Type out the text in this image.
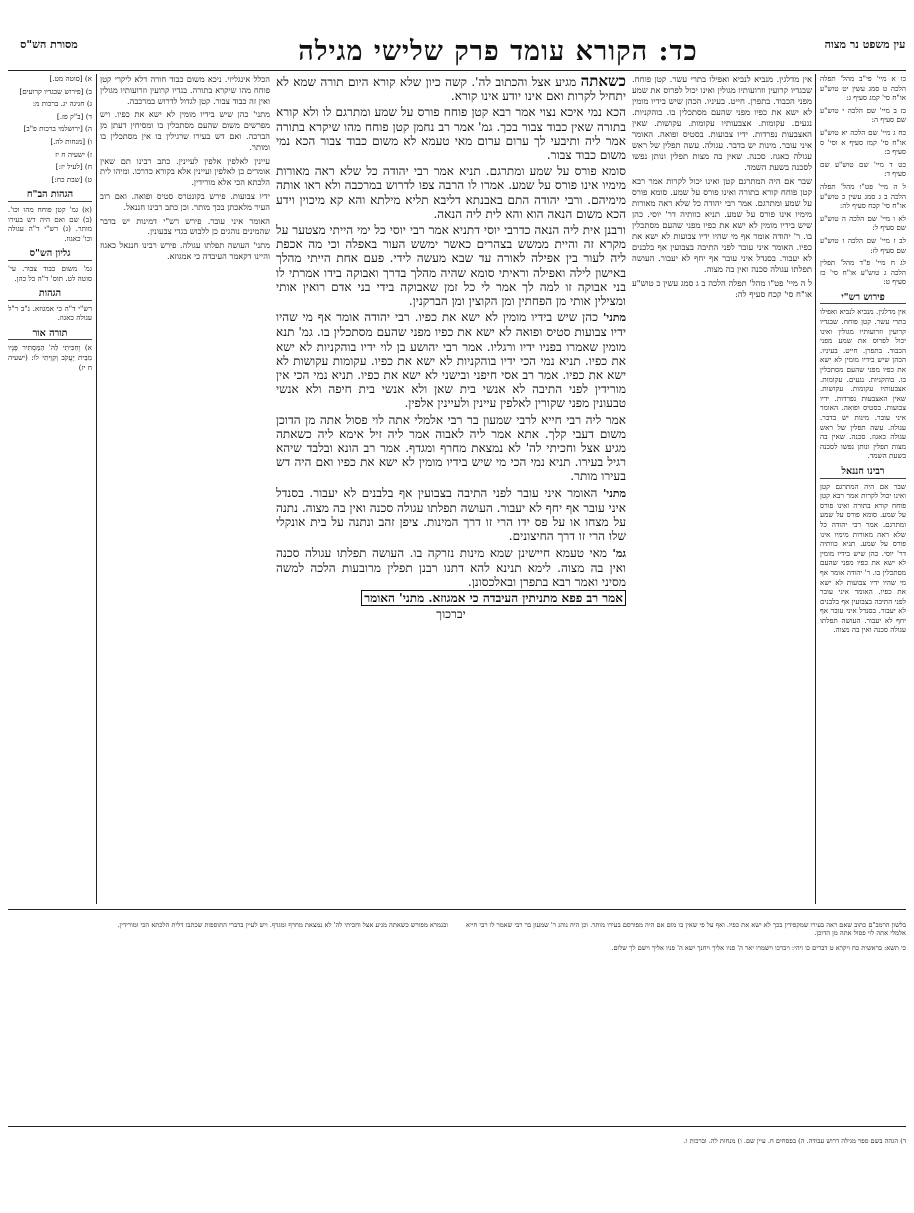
עין משפט נר מצוה
כד: הקורא עומד פרק שלישי מגילה
מסורת הש"ס

כו א מיי' פי"ב מהל' תפלה הלכה ט סמג עשין יט טוש"ע או"ח סי' קמג סעיף ג:

כז ב מיי' שם הלכה י טוש"ע שם סעיף ה:

כח ג מיי' שם הלכה יא טוש"ע או"ח סי' קמז סעיף א וסי' ס סעיף ב:

כט ד מיי' שם טוש"ע שם סעיף ד:

ל ה מיי' פט"ו מהל' תפלה הלכה ב ג סמג עשין כ טוש"ע או"ח סי' קכח סעיף לה:

לא ו מיי' שם הלכה ה טוש"ע שם סעיף ל:

לב ז מיי' שם הלכה ז טוש"ע שם סעיף לז:

לג ח מיי' פ"ד מהל' תפלין הלכה ג טוש"ע או"ח סי' כז סעיף ט:

פירוש רש"י

אין מדלגין. מנביא לנביא ואפילו בתרי עשר. קטן פוחח. שבגדיו קרועין וזרועותיו מגולין ואינו יכול לפרוס את שמע מפני הכבוד. בתפרן. חייט. בעיניו. הכהן שיש בידיו מומין לא ישא את כפיו מפני שהעם מסתכלין בו. בוהקניות. נגעים. עקומות. אצבעותיו עקומות. עקושות. שאין האצבעות נפרדות. ידיו צבועות. בסטיס ופואה. האומר איני עובר. מינות יש בדבר. עגולה. עשה תפלין של ראש עגולה כאגוז. סכנה. שאין בה מצות תפלין ונותן נפשו לסכנה בשעת השמד.

רבינו חננאל

שבר אם היה המתרגם קטן ואינו יכול לקרות אמר רבא קטן פוחח קורא בתורה ואינו פורס על שמע. סומא פורס על שמע ומתרגם. אמר רבי יהודה כל שלא ראה מאורות מימיו אינו פורס על שמע. תניא כוותיה דר' יוסי. כהן שיש בידיו מומין לא ישא את כפיו מפני שהעם מסתכלין בו. ר' יהודה אומר אף מי שהיו ידיו צבועות לא ישא את כפיו. האומר איני עובר לפני התיבה בצבועין אף בלבנים לא יעבור. בסנדל איני עובר אף יחף לא יעבור. העושה תפלתו עגולה סכנה ואין בה מצוה.

אין מדלגין. מנביא לנביא ואפילו בתרי עשר. קטן פוחח. שבגדיו קרועין וזרועותיו מגולין ואינו יכול לפרוס את שמע מפני הכבוד. בתפרן. חייט. בעיניו. הכהן שיש בידיו מומין לא ישא את כפיו מפני שהעם מסתכלין בו. בוהקניות. נגעים. עקומות. אצבעותיו עקומות. עקושות. שאין האצבעות נפרדות. ידיו צבועות. בסטיס ופואה. האומר איני עובר. מינות יש בדבר. עגולה. עשה תפלין של ראש עגולה כאגוז. סכנה. שאין בה מצות תפלין ונותן נפשו לסכנה בשעת השמד.

שבר אם היה המתרגם קטן ואינו יכול לקרות אמר רבא קטן פוחח קורא בתורה ואינו פורס על שמע. סומא פורס על שמע ומתרגם. אמר רבי יהודה כל שלא ראה מאורות מימיו אינו פורס על שמע. תניא כוותיה דר' יוסי. כהן שיש בידיו מומין לא ישא את כפיו מפני שהעם מסתכלין בו. ר' יהודה אומר אף מי שהיו ידיו צבועות לא ישא את כפיו. האומר איני עובר לפני התיבה בצבועין אף בלבנים לא יעבור. בסנדל איני עובר אף יחף לא יעבור. העושה תפלתו עגולה סכנה ואין בה מצוה.

ל ה מיי' פט"ו מהל' תפלה הלכה ב ג סמג עשין כ טוש"ע או"ח סי' קכח סעיף לה:

כשאתה מגיע אצל והכתוב לה'. קשה כיון שלא קורא היום תורה שמא לא יתחיל לקרות ואם אינו יודע אינו קורא.

הכא נמי איכא נצוי אמר רבא קטן פוחח פורס על שמע ומתרגם לו ולא קורא בתורה שאין כבוד צבור בכך. גמ' אמר רב נחמן קטן פוחח מהו שיקרא בתורה אמר ליה ותיבעי לך ערום ערום מאי טעמא לא משום כבוד צבור הכא נמי משום כבוד צבור.

סומא פורס על שמע ומתרגם. תניא אמר רבי יהודה כל שלא ראה מאורות מימיו אינו פורס על שמע. אמרו לו הרבה צפו לדרוש במרכבה ולא ראו אותה מימיהם. ורבי יהודה התם באבנתא דליבא תליא מילתא והא קא מיכוין וידע הכא משום הנאה הוא והא לית ליה הנאה.

ורבנן אית ליה הנאה כדרבי יוסי דתניא אמר רבי יוסי כל ימי הייתי מצטער על מקרא זה והיית ממשש בצהרים כאשר ימשש העור באפלה וכי מה אכפת ליה לעור בין אפילה לאורה עד שבא מעשה לידי. פעם אחת הייתי מהלך באישון לילה ואפילה וראיתי סומא שהיה מהלך בדרך ואבוקה בידו אמרתי לו בני אבוקה זו למה לך אמר לי כל זמן שאבוקה בידי בני אדם רואין אותי ומצילין אותי מן הפחתין ומן הקוצין ומן הברקנין.

מתני' כהן שיש בידיו מומין לא ישא את כפיו. רבי יהודה אומר אף מי שהיו ידיו צבועות סטיס ופואה לא ישא את כפיו מפני שהעם מסתכלין בו. גמ' תנא מומין שאמרו בפניו ידיו ורגליו. אמר רבי יהושע בן לוי ידיו בוהקניות לא ישא את כפיו. תניא נמי הכי ידיו בוהקניות לא ישא את כפיו. עקומות עקושות לא ישא את כפיו. אמר רב אסי חיפני ובישני לא ישא את כפיו. תניא נמי הכי אין מורידין לפני התיבה לא אנשי בית שאן ולא אנשי בית חיפה ולא אנשי טבעונין מפני שקורין לאלפין עיינין ולעיינין אלפין.

אמר ליה רבי חייא לרבי שמעון בר רבי אלמלי אתה לוי פסול אתה מן הדוכן משום דעבי קלך. אתא אמר ליה לאבוה אמר ליה זיל אימא ליה כשאתה מגיע אצל וחכיתי לה' לא נמצאת מחרף ומגדף. אמר רב הונא ובלבד שיהא רגיל בעירו. תניא נמי הכי מי שיש בידיו מומין לא ישא את כפיו ואם היה דש בעירו מותר.

מתני' האומר איני עובר לפני התיבה בצבועין אף בלבנים לא יעבור. בסנדל איני עובר אף יחף לא יעבור. העושה תפלתו עגולה סכנה ואין בה מצוה. נתנה על מצחו או על פס ידו הרי זו דרך המינות. ציפן זהב ונתנה על בית אונקלי שלו הרי זו דרך החיצונים.

גמ' מאי טעמא חיישינן שמא מינות נזרקה בו. העושה תפלתו עגולה סכנה ואין בה מצוה. לימא תנינא להא דתנו רבנן תפלין מרובעות הלכה למשה מסיני ואמר רבא בתפרן ובאלכסונן.

אמר רב פפא מתניתין העיבדה כי אמגוזא. מתני' האומר

יברכוך

הכלל אינגליזי. ניכא משום כבוד חורה דלא ליקרי קטן פוחח מהו שיקרא בתורה. בגדיו קרועין וזרועותיו מגולין ואין זה כבוד צבור. קטן לגדול לדרוש במרכבה.

מתני' כהן שיש בידיו מומין לא ישא את כפיו. ויש מפרשים משום שהעם מסתכלין בו ומסיחין דעתן מן הברכה. ואם דש בעירו שרגילין בו אין מסתכלין בו ומותר.

עיינין לאלפין אלפין לעיינין. כתב רבינו תם שאין אומרים כן לאלפין ועיינין אלא בקורא כדרכו. ומיהו לית הלכתא הכי אלא מורידין.

ידיו צבועות. פירש בקונטרס סטיס ופואה. ואם רוב העיר מלאכתן בכך מותר. וכן כתב רבינו חננאל.

האומר איני עובר. פירש רש"י דמינות יש בדבר שהמינים נוהגים כן ללבוש בגדי צבעונין.

מתני' העושה תפלתו עגולה. פירש רבינו חננאל כאגוז והיינו דקאמר העיבדה כי אמגוזא.

א) [סוטה מט.]

ב) [פירוש שבגדיו קרועים]

ג) חגיגה יג. ברכות מ:

ד) [ב"ק פז.]

ה) [ירושלמי ברכות פ"ב]

ו) [מנחות לה.]

ז) ישעיה ח יז

ח) [לעיל יז:]

ט) [שבת כח:]

הגהות הב"ח

(א) גמ' קטן פוחח מהו וכו'. (ב) שם ואם היה דש בעירו מותר. (ג) רש"י ד"ה עגולה וכו' כאגוז.

גליון הש"ס

גמ' משום כבוד צבור. עי' סוטה לט. תוס' ד"ה כל כהן.

הגהות

רש"י ד"ה כי אמגוזא. נ"ב ר"ל עגולה כאגוז.

תורה אור

א) וְחִכִּיתִי לַה' הַמַּסְתִּיר פָּנָיו מִבֵּית יַעֲקֹב וְקִוֵּיתִי לוֹ: (ישעיה ח יז)

בלשון הרמב"ם כתוב שאם ראה בעירו שמקפידין בכך לא ישא את כפיו. ואף על פי שאין בו מום אם היה מפורסם בעירו מותר. וכן היה נוהג ר' שמעון בר רבי שאמר לו רבי חייא אלמלי אתה לוי פסול אתה מן הדוכן.

כי תשא: בראשית כח ויקרא ט דברים כו ויהי: ויברכו וישמרו יאר ה' פניו אליך ויחנך ישא ה' פניו אליך וישם לך שלום.

ובגמרא מפורש כשאתה מגיע אצל וחכיתי לה' לא נמצאת מחרף ומגדף. ויש לעיין בדברי התוספות שכתבו דלית הלכתא הכי ומורידין.

ד) הגהה בשם ספר מגילה דרוש עבודה. ה) בפסחים ח. עיין שם. ו) מנחות לה. וברכות ו.
